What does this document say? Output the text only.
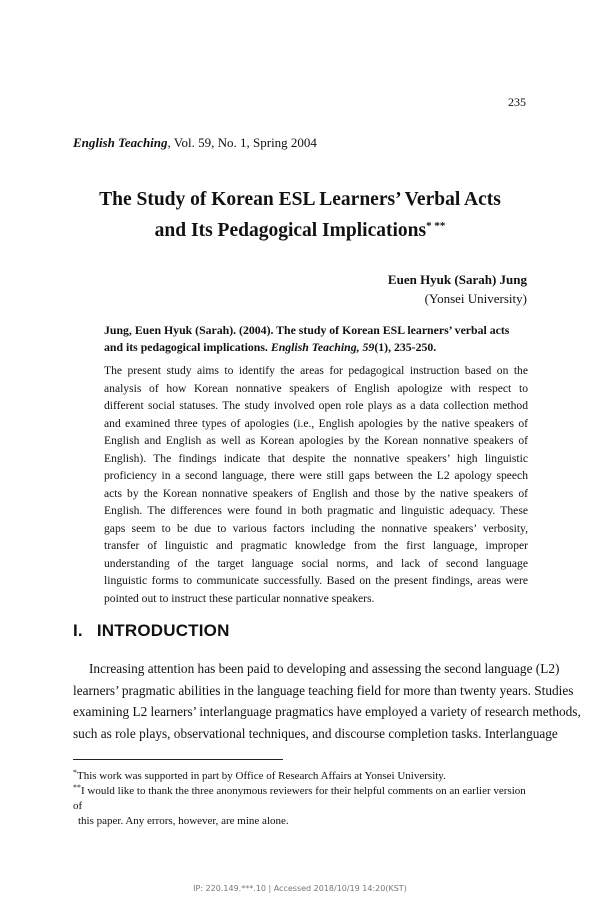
235
English Teaching, Vol. 59, No. 1, Spring 2004
The Study of Korean ESL Learners’ Verbal Acts
and Its Pedagogical Implications* **
Euen Hyuk (Sarah) Jung
(Yonsei University)
Jung, Euen Hyuk (Sarah). (2004). The study of Korean ESL learners’ verbal acts
and its pedagogical implications. English Teaching, 59(1), 235-250.
The present study aims to identify the areas for pedagogical instruction based on the
analysis of how Korean nonnative speakers of English apologize with respect to
different social statuses. The study involved open role plays as a data collection method
and examined three types of apologies (i.e., English apologies by the native speakers of
English and English as well as Korean apologies by the Korean nonnative speakers of
English). The findings indicate that despite the nonnative speakers’ high linguistic
proficiency in a second language, there were still gaps between the L2 apology speech
acts by the Korean nonnative speakers of English and those by the native speakers of
English. The differences were found in both pragmatic and linguistic adequacy. These
gaps seem to be due to various factors including the nonnative speakers’ verbosity,
transfer of linguistic and pragmatic knowledge from the first language, improper
understanding of the target language social norms, and lack of second language
linguistic forms to communicate successfully. Based on the present findings, areas were
pointed out to instruct these particular nonnative speakers.
I. INTRODUCTION
Increasing attention has been paid to developing and assessing the second language (L2)
learners’ pragmatic abilities in the language teaching field for more than twenty years. Studies
examining L2 learners’ interlanguage pragmatics have employed a variety of research methods,
such as role plays, observational techniques, and discourse completion tasks. Interlanguage
*This work was supported in part by Office of Research Affairs at Yonsei University.
**I would like to thank the three anonymous reviewers for their helpful comments on an earlier version of
this paper. Any errors, however, are mine alone.
IP: 220.149.***.10 | Accessed 2018/10/19 14:20(KST)
